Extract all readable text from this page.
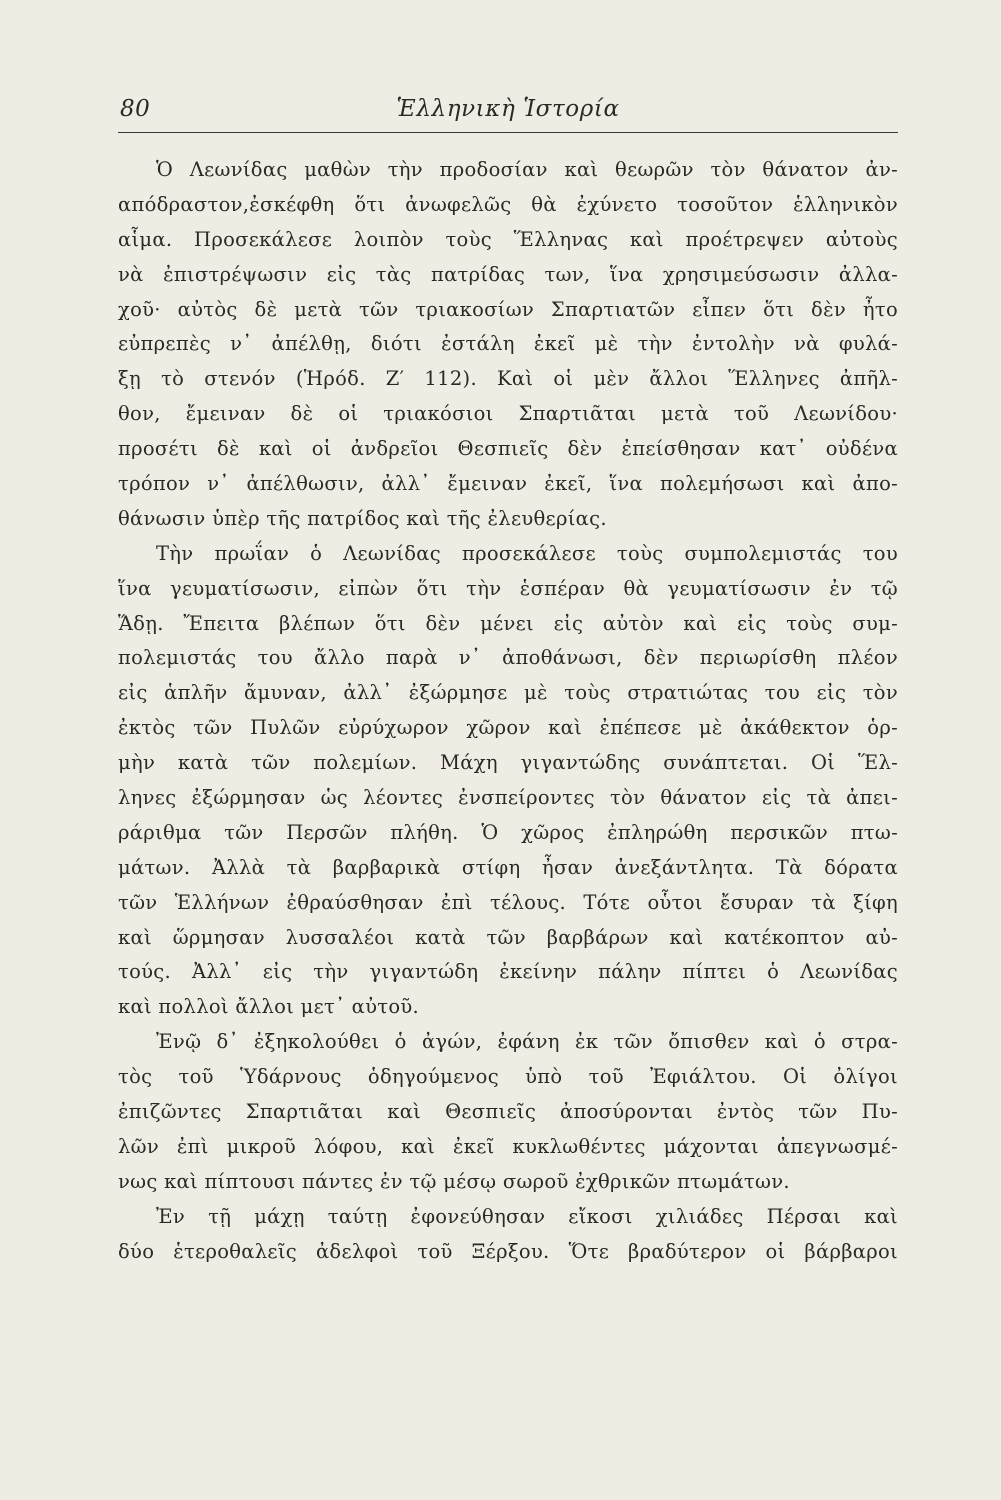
80	Ἑλληνικὴ Ἱστορία
Ὁ Λεωνίδας μαθὼν τὴν προδοσίαν καὶ θεωρῶν τὸν θάνατον ἀν-
απόδραστον,ἐσκέφθη ὅτι ἀνωφελῶς θὰ ἐχύνετο τοσοῦτον ἑλληνικὸν
αἷμα. Προσεκάλεσε λοιπὸν τοὺς Ἕλληνας καὶ προέτρεψεν αὐτοὺς
νὰ ἐπιστρέψωσιν εἰς τὰς πατρίδας των, ἵνα χρησιμεύσωσιν ἀλλα-
χοῦ· αὐτὸς δὲ μετὰ τῶν τριακοσίων Σπαρτιατῶν εἶπεν ὅτι δὲν ἦτο
εὐπρεπὲς ν᾽ ἀπέλθῃ, διότι ἐστάλη ἐκεῖ μὲ τὴν ἐντολὴν νὰ φυλά-
ξῃ τὸ στενόν (Ἡρόδ. Ζ′ 112). Καὶ οἱ μὲν ἄλλοι Ἕλληνες ἀπῆλ-
θον, ἔμειναν δὲ οἱ τριακόσιοι Σπαρτιᾶται μετὰ τοῦ Λεωνίδου·
προσέτι δὲ καὶ οἱ ἀνδρεῖοι Θεσπιεῖς δὲν ἐπείσθησαν κατ᾽ οὐδένα
τρόπον ν᾽ ἀπέλθωσιν, ἀλλ᾽ ἔμειναν ἐκεῖ, ἵνα πολεμήσωσι καὶ ἀπο-
θάνωσιν ὑπὲρ τῆς πατρίδος καὶ τῆς ἐλευθερίας.
Τὴν πρωΐαν ὁ Λεωνίδας προσεκάλεσε τοὺς συμπολεμιστάς του
ἵνα γευματίσωσιν, εἰπὼν ὅτι τὴν ἑσπέραν θὰ γευματίσωσιν ἐν τῷ
Ἅδῃ. Ἔπειτα βλέπων ὅτι δὲν μένει εἰς αὐτὸν καὶ εἰς τοὺς συμ-
πολεμιστάς του ἄλλο παρὰ ν᾽ ἀποθάνωσι, δὲν περιωρίσθη πλέον
εἰς ἁπλῆν ἄμυναν, ἀλλ᾽ ἐξώρμησε μὲ τοὺς στρατιώτας του εἰς τὸν
ἐκτὸς τῶν Πυλῶν εὐρύχωρον χῶρον καὶ ἐπέπεσε μὲ ἀκάθεκτον ὁρ-
μὴν κατὰ τῶν πολεμίων. Μάχη γιγαντώδης συνάπτεται. Οἱ Ἕλ-
ληνες ἐξώρμησαν ὡς λέοντες ἐνσπείροντες τὸν θάνατον εἰς τὰ ἀπει-
ράριθμα τῶν Περσῶν πλήθη. Ὁ χῶρος ἐπληρώθη περσικῶν πτω-
μάτων. Ἀλλὰ τὰ βαρβαρικὰ στίφη ἦσαν ἀνεξάντλητα. Τὰ δόρατα
τῶν Ἑλλήνων ἐθραύσθησαν ἐπὶ τέλους. Τότε οὗτοι ἔσυραν τὰ ξίφη
καὶ ὥρμησαν λυσσαλέοι κατὰ τῶν βαρβάρων καὶ κατέκοπτον αὐ-
τούς. Ἀλλ᾽ εἰς τὴν γιγαντώδη ἐκείνην πάλην πίπτει ὁ Λεωνίδας
καὶ πολλοὶ ἄλλοι μετ᾽ αὐτοῦ.
Ἐνῷ δ᾽ ἐξηκολούθει ὁ ἀγών, ἐφάνη ἐκ τῶν ὄπισθεν καὶ ὁ στρα-
τὸς τοῦ Ὑδάρνους ὁδηγούμενος ὑπὸ τοῦ Ἐφιάλτου. Οἱ ὀλίγοι
ἐπιζῶντες Σπαρτιᾶται καὶ Θεσπιεῖς ἀποσύρονται ἐντὸς τῶν Πυ-
λῶν ἐπὶ μικροῦ λόφου, καὶ ἐκεῖ κυκλωθέντες μάχονται ἀπεγνωσμέ-
νως καὶ πίπτουσι πάντες ἐν τῷ μέσῳ σωροῦ ἐχθρικῶν πτωμάτων.
Ἐν τῇ μάχῃ ταύτῃ ἐφονεύθησαν εἴκοσι χιλιάδες Πέρσαι καὶ
δύο ἑτεροθαλεῖς ἀδελφοὶ τοῦ Ξέρξου. Ὅτε βραδύτερον οἱ βάρβαροι
